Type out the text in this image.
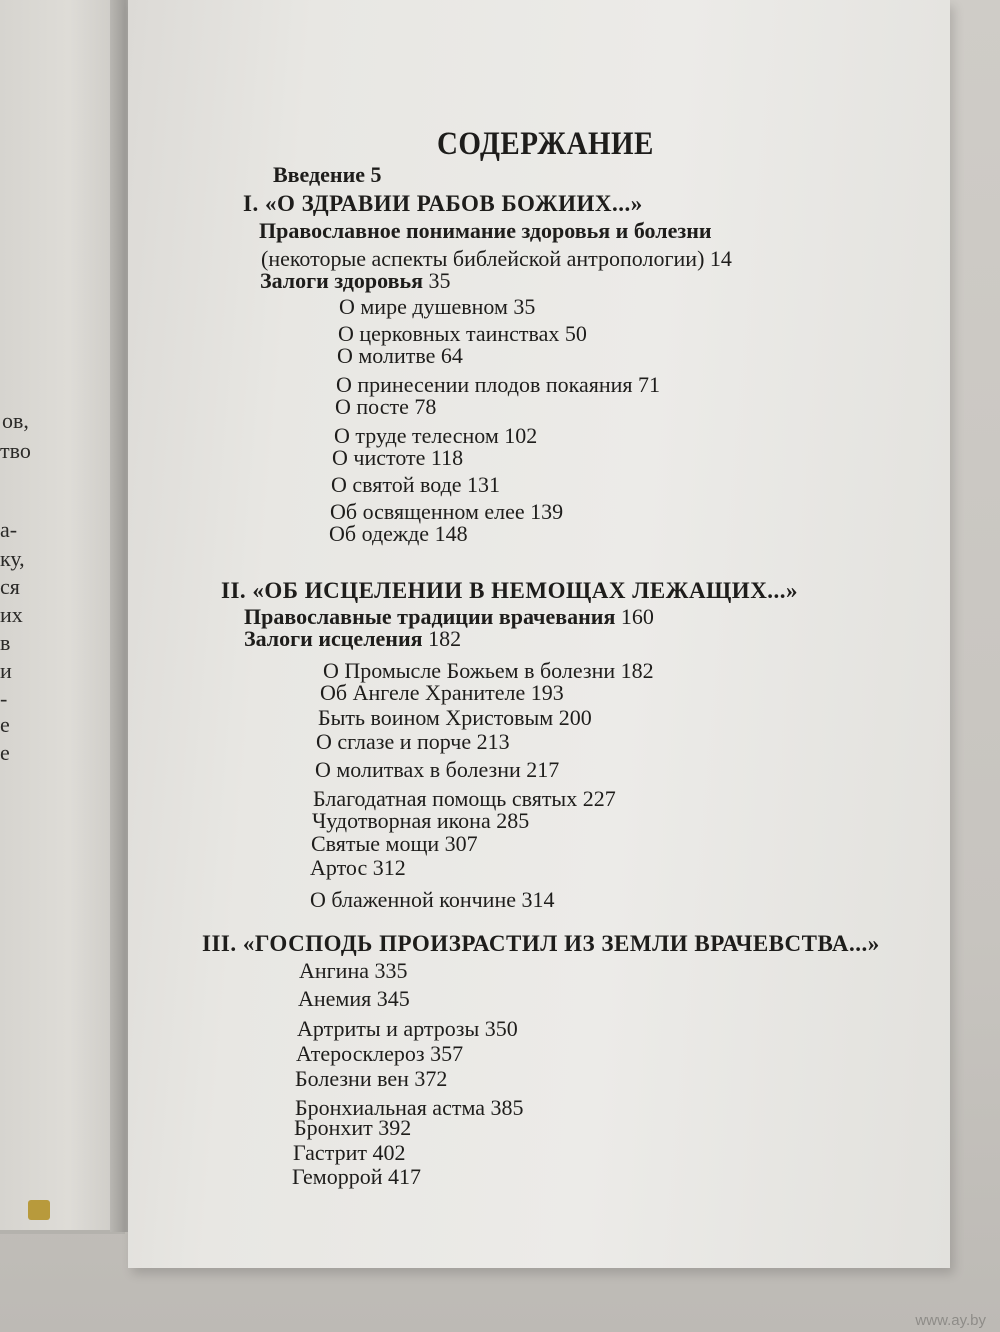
ов,
тво
а-
ку,
ся
их
в
и
-
е
е
СОДЕРЖАНИЕ
Введение 5
I. «О ЗДРАВИИ РАБОВ БОЖИИХ...»
Православное понимание здоровья и болезни
(некоторые аспекты библейской антропологии) 14
Залоги здоровья 35
О мире душевном 35
О церковных таинствах 50
О молитве 64
О принесении плодов покаяния 71
О посте 78
О труде телесном 102
О чистоте 118
О святой воде 131
Об освященном елее 139
Об одежде 148
II. «ОБ ИСЦЕЛЕНИИ В НЕМОЩАХ ЛЕЖАЩИХ...»
Православные традиции врачевания 160
Залоги исцеления 182
О Промысле Божьем в болезни 182
Об Ангеле Хранителе 193
Быть воином Христовым 200
О сглазе и порче 213
О молитвах в болезни 217
Благодатная помощь святых 227
Чудотворная икона 285
Святые мощи 307
Артос 312
О блаженной кончине 314
III. «ГОСПОДЬ ПРОИЗРАСТИЛ ИЗ ЗЕМЛИ ВРАЧЕВСТВА...»
Ангина 335
Анемия 345
Артриты и артрозы 350
Атеросклероз 357
Болезни вен 372
Бронхиальная астма 385
Бронхит 392
Гастрит 402
Геморрой 417
www.ay.by
